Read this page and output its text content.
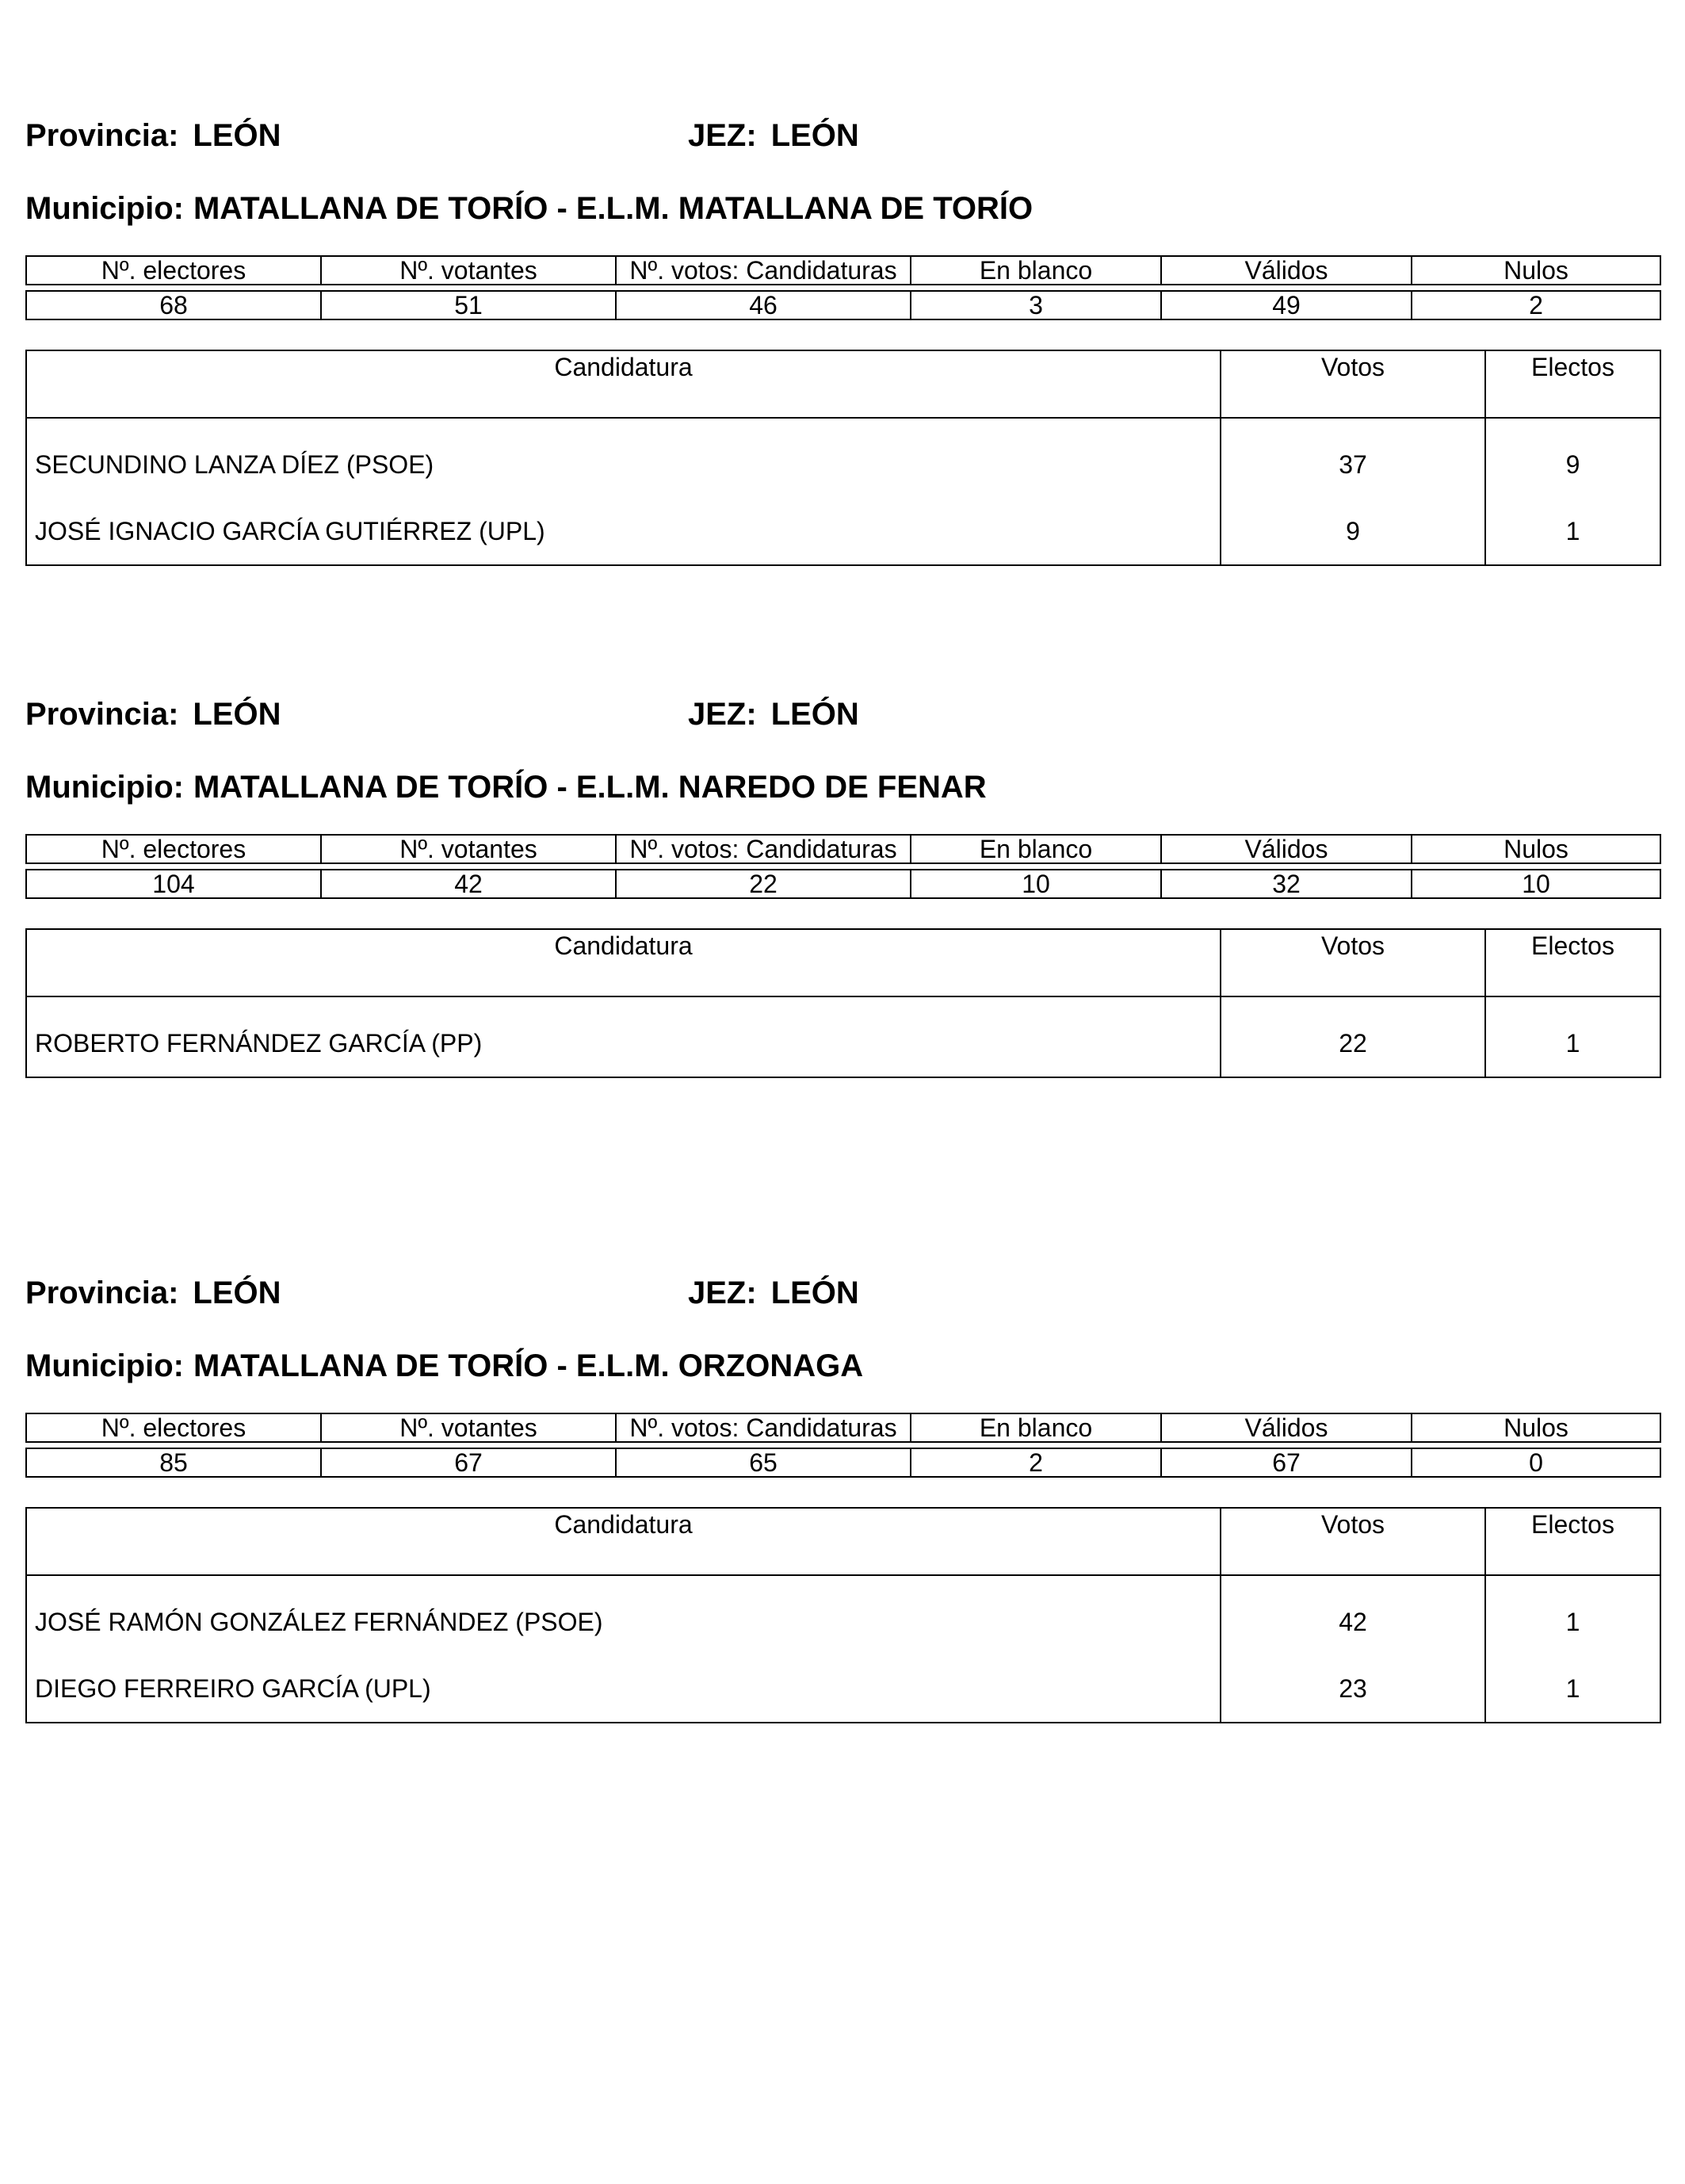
Provincia: LEÓN	JEZ: LEÓN
Municipio: MATALLANA DE TORÍO - E.L.M. MATALLANA DE TORÍO
Nº. electores	Nº. votantes	Nº. votos: Candidaturas	En blanco	Válidos	Nulos

68	51	46	3	49	2
Candidatura	Votos	Electos
SECUNDINO LANZA DÍEZ (PSOE)	37	9
JOSÉ IGNACIO GARCÍA GUTIÉRREZ (UPL)	9	1
Provincia: LEÓN	JEZ: LEÓN
Municipio: MATALLANA DE TORÍO - E.L.M. NAREDO DE FENAR
Nº. electores	Nº. votantes	Nº. votos: Candidaturas	En blanco	Válidos	Nulos

104	42	22	10	32	10
Candidatura	Votos	Electos
ROBERTO FERNÁNDEZ GARCÍA (PP)	22	1
Provincia: LEÓN	JEZ: LEÓN
Municipio: MATALLANA DE TORÍO - E.L.M. ORZONAGA
Nº. electores	Nº. votantes	Nº. votos: Candidaturas	En blanco	Válidos	Nulos

85	67	65	2	67	0
Candidatura	Votos	Electos
JOSÉ RAMÓN GONZÁLEZ FERNÁNDEZ (PSOE)	42	1
DIEGO FERREIRO GARCÍA (UPL)	23	1
